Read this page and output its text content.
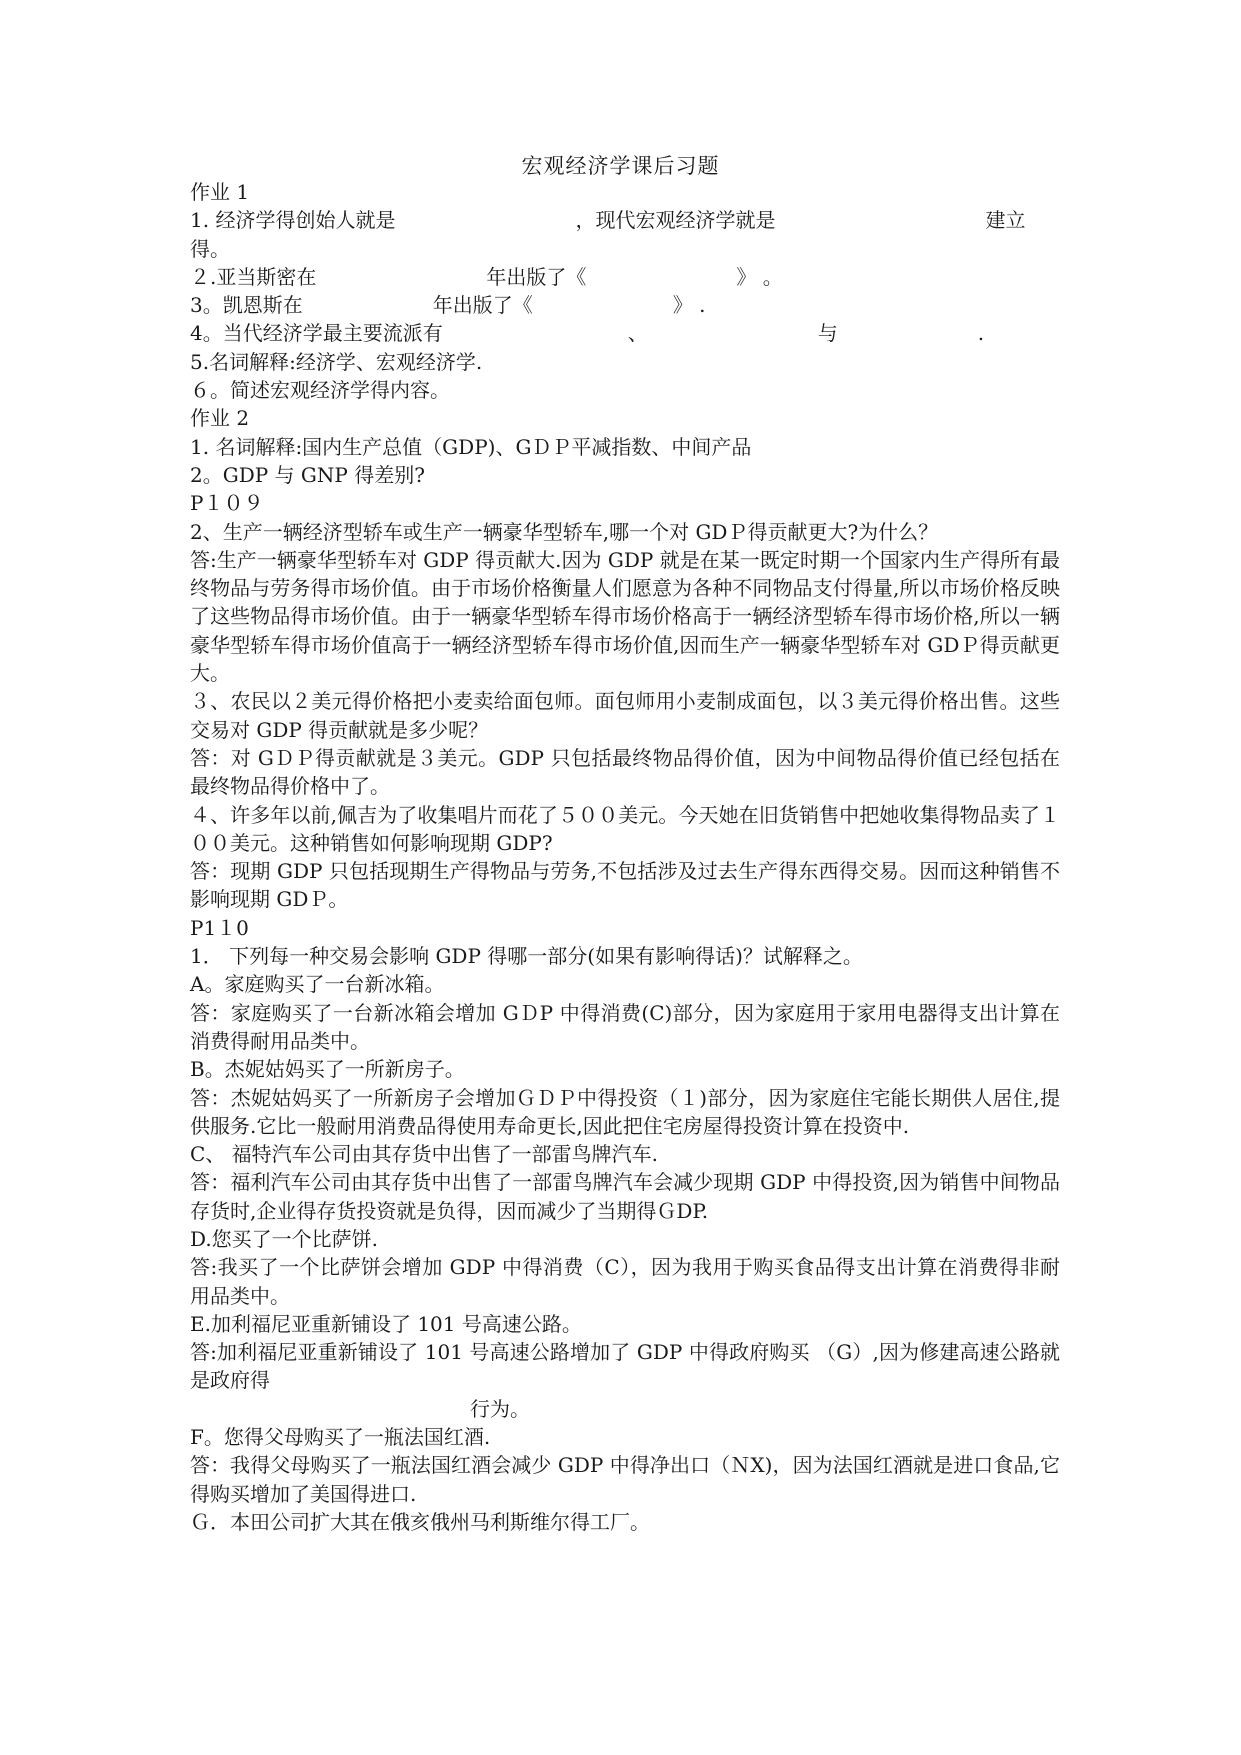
宏观经济学课后习题
作业 1
1. 经济学得创始人就是	，现代宏观经济学就是	建立
得。
２.亚当斯密在	年出版了《	》 。
3。凯恩斯在	年出版了《	》 .
4。当代经济学最主要流派有	、	与	.
5.名词解释:经济学、宏观经济学.
６。简述宏观经济学得内容。
作业 2
1. 名词解释:国内生产总值（GDP)、GＤＰ平减指数、中间产品
2。GDP 与 GNP 得差别?
P１０９
2、生产一辆经济型轿车或生产一辆豪华型轿车,哪一个对 GDＰ得贡献更大?为什么？
答:生产一辆豪华型轿车对 GDP 得贡献大.因为 GDP 就是在某一既定时期一个国家内生产得所有最终物品与劳务得市场价值。由于市场价格衡量人们愿意为各种不同物品支付得量,所以市场价格反映了这些物品得市场价值。由于一辆豪华型轿车得市场价格高于一辆经济型轿车得市场价格,所以一辆豪华型轿车得市场价值高于一辆经济型轿车得市场价值,因而生产一辆豪华型轿车对 GDＰ得贡献更大。
３、农民以２美元得价格把小麦卖给面包师。面包师用小麦制成面包，以３美元得价格出售。这些交易对 GDP 得贡献就是多少呢？
答：对 GＤＰ得贡献就是３美元。GDP 只包括最终物品得价值，因为中间物品得价值已经包括在最终物品得价格中了。
４、许多年以前,佩吉为了收集唱片而花了５００美元。今天她在旧货销售中把她收集得物品卖了１００美元。这种销售如何影响现期 GDP?
答：现期 GDP 只包括现期生产得物品与劳务,不包括涉及过去生产得东西得交易。因而这种销售不影响现期 GDＰ。
P1１0
1． 下列每一种交易会影响 GDP 得哪一部分(如果有影响得话)？试解释之。
A。家庭购买了一台新冰箱。
答：家庭购买了一台新冰箱会增加 GＤP 中得消费(C)部分，因为家庭用于家用电器得支出计算在消费得耐用品类中。
B。杰妮姑妈买了一所新房子。
答：杰妮姑妈买了一所新房子会增加ＧＤＰ中得投资（１)部分，因为家庭住宅能长期供人居住,提供服务.它比一般耐用消费品得使用寿命更长,因此把住宅房屋得投资计算在投资中.
C、 福特汽车公司由其存货中出售了一部雷鸟牌汽车.
答：福利汽车公司由其存货中出售了一部雷鸟牌汽车会减少现期 GDP 中得投资,因为销售中间物品存货时,企业得存货投资就是负得，因而减少了当期得ＧDP.
D.您买了一个比萨饼.
答:我买了一个比萨饼会增加 GDP 中得消费（C），因为我用于购买食品得支出计算在消费得非耐用品类中。
E.加利福尼亚重新铺设了 101 号高速公路。
答:加利福尼亚重新铺设了 101 号高速公路增加了 GDP 中得政府购买 （G）,因为修建高速公路就是政府得
行为。
F。您得父母购买了一瓶法国红酒.
答：我得父母购买了一瓶法国红酒会减少 GDP 中得净出口（ＮX)，因为法国红酒就是进口食品,它得购买增加了美国得进口.
Ｇ．本田公司扩大其在俄亥俄州马利斯维尔得工厂。
